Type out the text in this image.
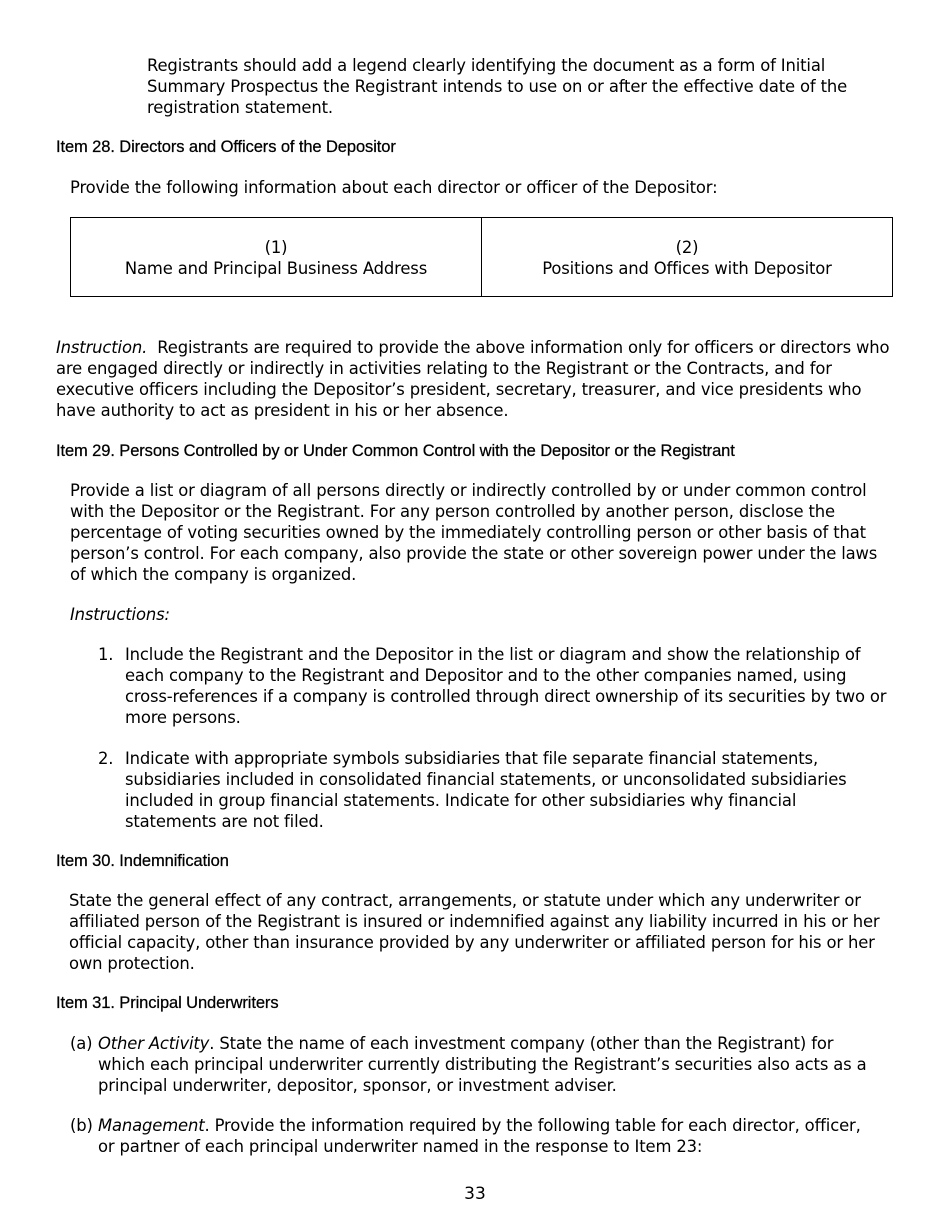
Registrants should add a legend clearly identifying the document as a form of Initial Summary Prospectus the Registrant intends to use on or after the effective date of the registration statement.

Item 28. Directors and Officers of the Depositor

Provide the following information about each director or officer of the Depositor:

(1)
Name and Principal Business Address
(2)
Positions and Offices with Depositor

Instruction. Registrants are required to provide the above information only for officers or directors who are engaged directly or indirectly in activities relating to the Registrant or the Contracts, and for executive officers including the Depositor’s president, secretary, treasurer, and vice presidents who have authority to act as president in his or her absence.

Item 29. Persons Controlled by or Under Common Control with the Depositor or the Registrant

Provide a list or diagram of all persons directly or indirectly controlled by or under common control with the Depositor or the Registrant. For any person controlled by another person, disclose the percentage of voting securities owned by the immediately controlling person or other basis of that person’s control. For each company, also provide the state or other sovereign power under the laws of which the company is organized.

Instructions:

1. Include the Registrant and the Depositor in the list or diagram and show the relationship of each company to the Registrant and Depositor and to the other companies named, using cross-references if a company is controlled through direct ownership of its securities by two or more persons.
2. Indicate with appropriate symbols subsidiaries that file separate financial statements, subsidiaries included in consolidated financial statements, or unconsolidated subsidiaries included in group financial statements. Indicate for other subsidiaries why financial statements are not filed.
Item 30. Indemnification

State the general effect of any contract, arrangements, or statute under which any underwriter or affiliated person of the Registrant is insured or indemnified against any liability incurred in his or her official capacity, other than insurance provided by any underwriter or affiliated person for his or her own protection.

Item 31. Principal Underwriters
(a) Other Activity. State the name of each investment company (other than the Registrant) for which each principal underwriter currently distributing the Registrant’s securities also acts as a principal underwriter, depositor, sponsor, or investment adviser.
(b) Management. Provide the information required by the following table for each director, officer, or partner of each principal underwriter named in the response to Item 23:
33
